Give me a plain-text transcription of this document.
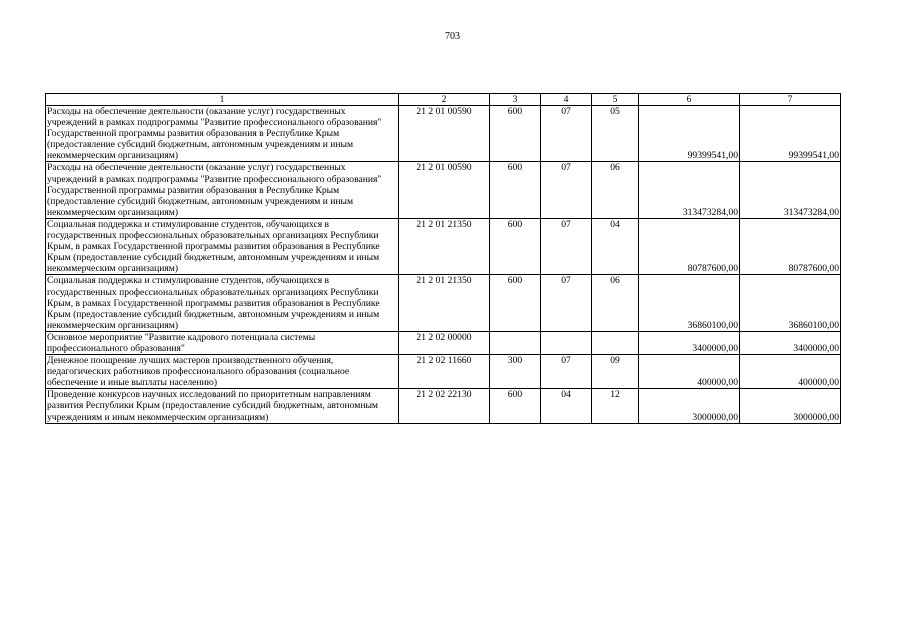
703
1	2	3	4	5	6	7
Расходы на обеспечение деятельности (оказание услуг) государственных учреждений в рамках подпрограммы "Развитие профессионального образования" Государственной программы развития образования в Республике Крым (предоставление субсидий бюджетным, автономным учреждениям и иным некоммерческим организациям)	21 2 01 00590	600	07	05	99399541,00	99399541,00
Расходы на обеспечение деятельности (оказание услуг) государственных учреждений в рамках подпрограммы "Развитие профессионального образования" Государственной программы развития образования в Республике Крым (предоставление субсидий бюджетным, автономным учреждениям и иным некоммерческим организациям)	21 2 01 00590	600	07	06	313473284,00	313473284,00
Социальная поддержка и стимулирование студентов, обучающихся в государственных профессиональных образовательных организациях Республики Крым, в рамках Государственной программы развития образования в Республике Крым (предоставление субсидий бюджетным, автономным учреждениям и иным некоммерческим организациям)	21 2 01 21350	600	07	04	80787600,00	80787600,00
Социальная поддержка и стимулирование студентов, обучающихся в государственных профессиональных образовательных организациях Республики Крым, в рамках Государственной программы развития образования в Республике Крым (предоставление субсидий бюджетным, автономным учреждениям и иным некоммерческим организациям)	21 2 01 21350	600	07	06	36860100,00	36860100,00
Основное мероприятие "Развитие кадрового потенциала системы профессионального образования"	21 2 02 00000				3400000,00	3400000,00
Денежное поощрение лучших мастеров производственного обучения, педагогических работников профессионального образования (социальное обеспечение и иные выплаты населению)	21 2 02 11660	300	07	09	400000,00	400000,00
Проведение конкурсов научных исследований по приоритетным направлениям развития Республики Крым (предоставление субсидий бюджетным, автономным учреждениям и иным некоммерческим организациям)	21 2 02 22130	600	04	12	3000000,00	3000000,00
